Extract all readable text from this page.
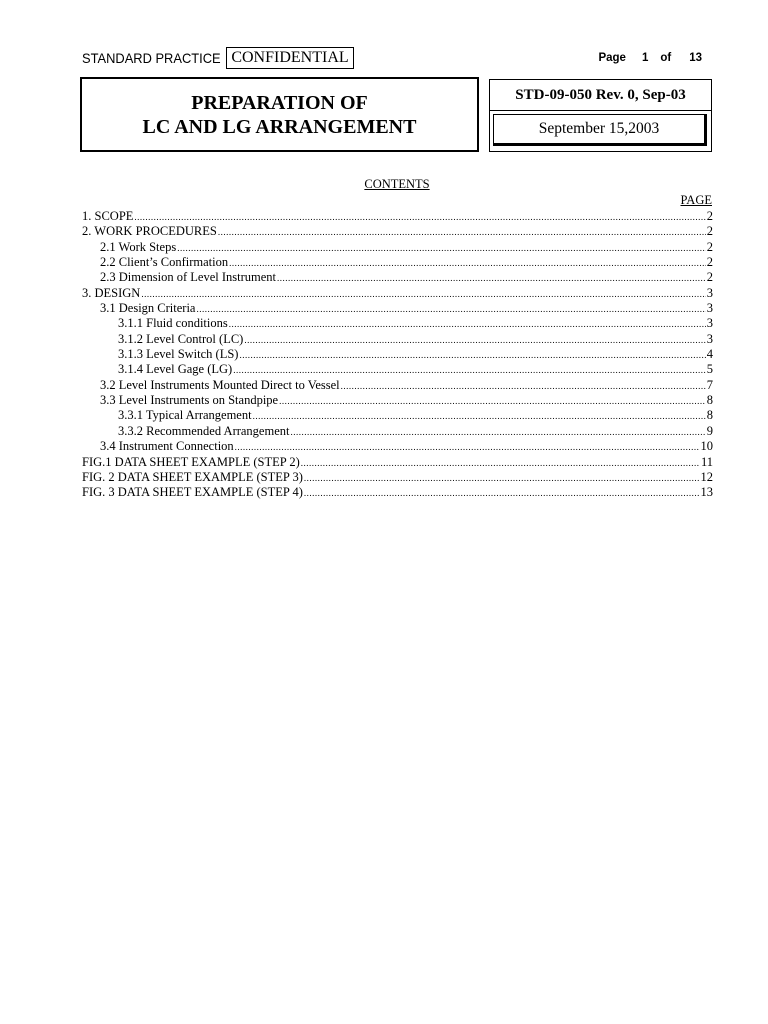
STANDARD PRACTICE CONFIDENTIAL	Page 1 of 13
PREPARATION OF
LC AND LG ARRANGEMENT
STD-09-050 Rev. 0, Sep-03
September 15,2003
CONTENTS
PAGE
1. SCOPE .....	2
2. WORK PROCEDURES .....	2
2.1 Work Steps .....	2
2.2 Client’s Confirmation .....	2
2.3 Dimension of Level Instrument .....	2
3. DESIGN .....	3
3.1 Design Criteria .....	3
3.1.1 Fluid conditions .....	3
3.1.2 Level Control (LC) .....	3
3.1.3 Level Switch (LS) .....	4
3.1.4 Level Gage (LG) .....	5
3.2 Level Instruments Mounted Direct to Vessel .....	7
3.3 Level Instruments on Standpipe .....	8
3.3.1 Typical Arrangement .....	8
3.3.2 Recommended Arrangement .....	9
3.4 Instrument Connection .....	10
FIG.1 DATA SHEET EXAMPLE (STEP 2) .....	11
FIG. 2 DATA SHEET EXAMPLE (STEP 3) .....	12
FIG. 3 DATA SHEET EXAMPLE (STEP 4) .....	13
